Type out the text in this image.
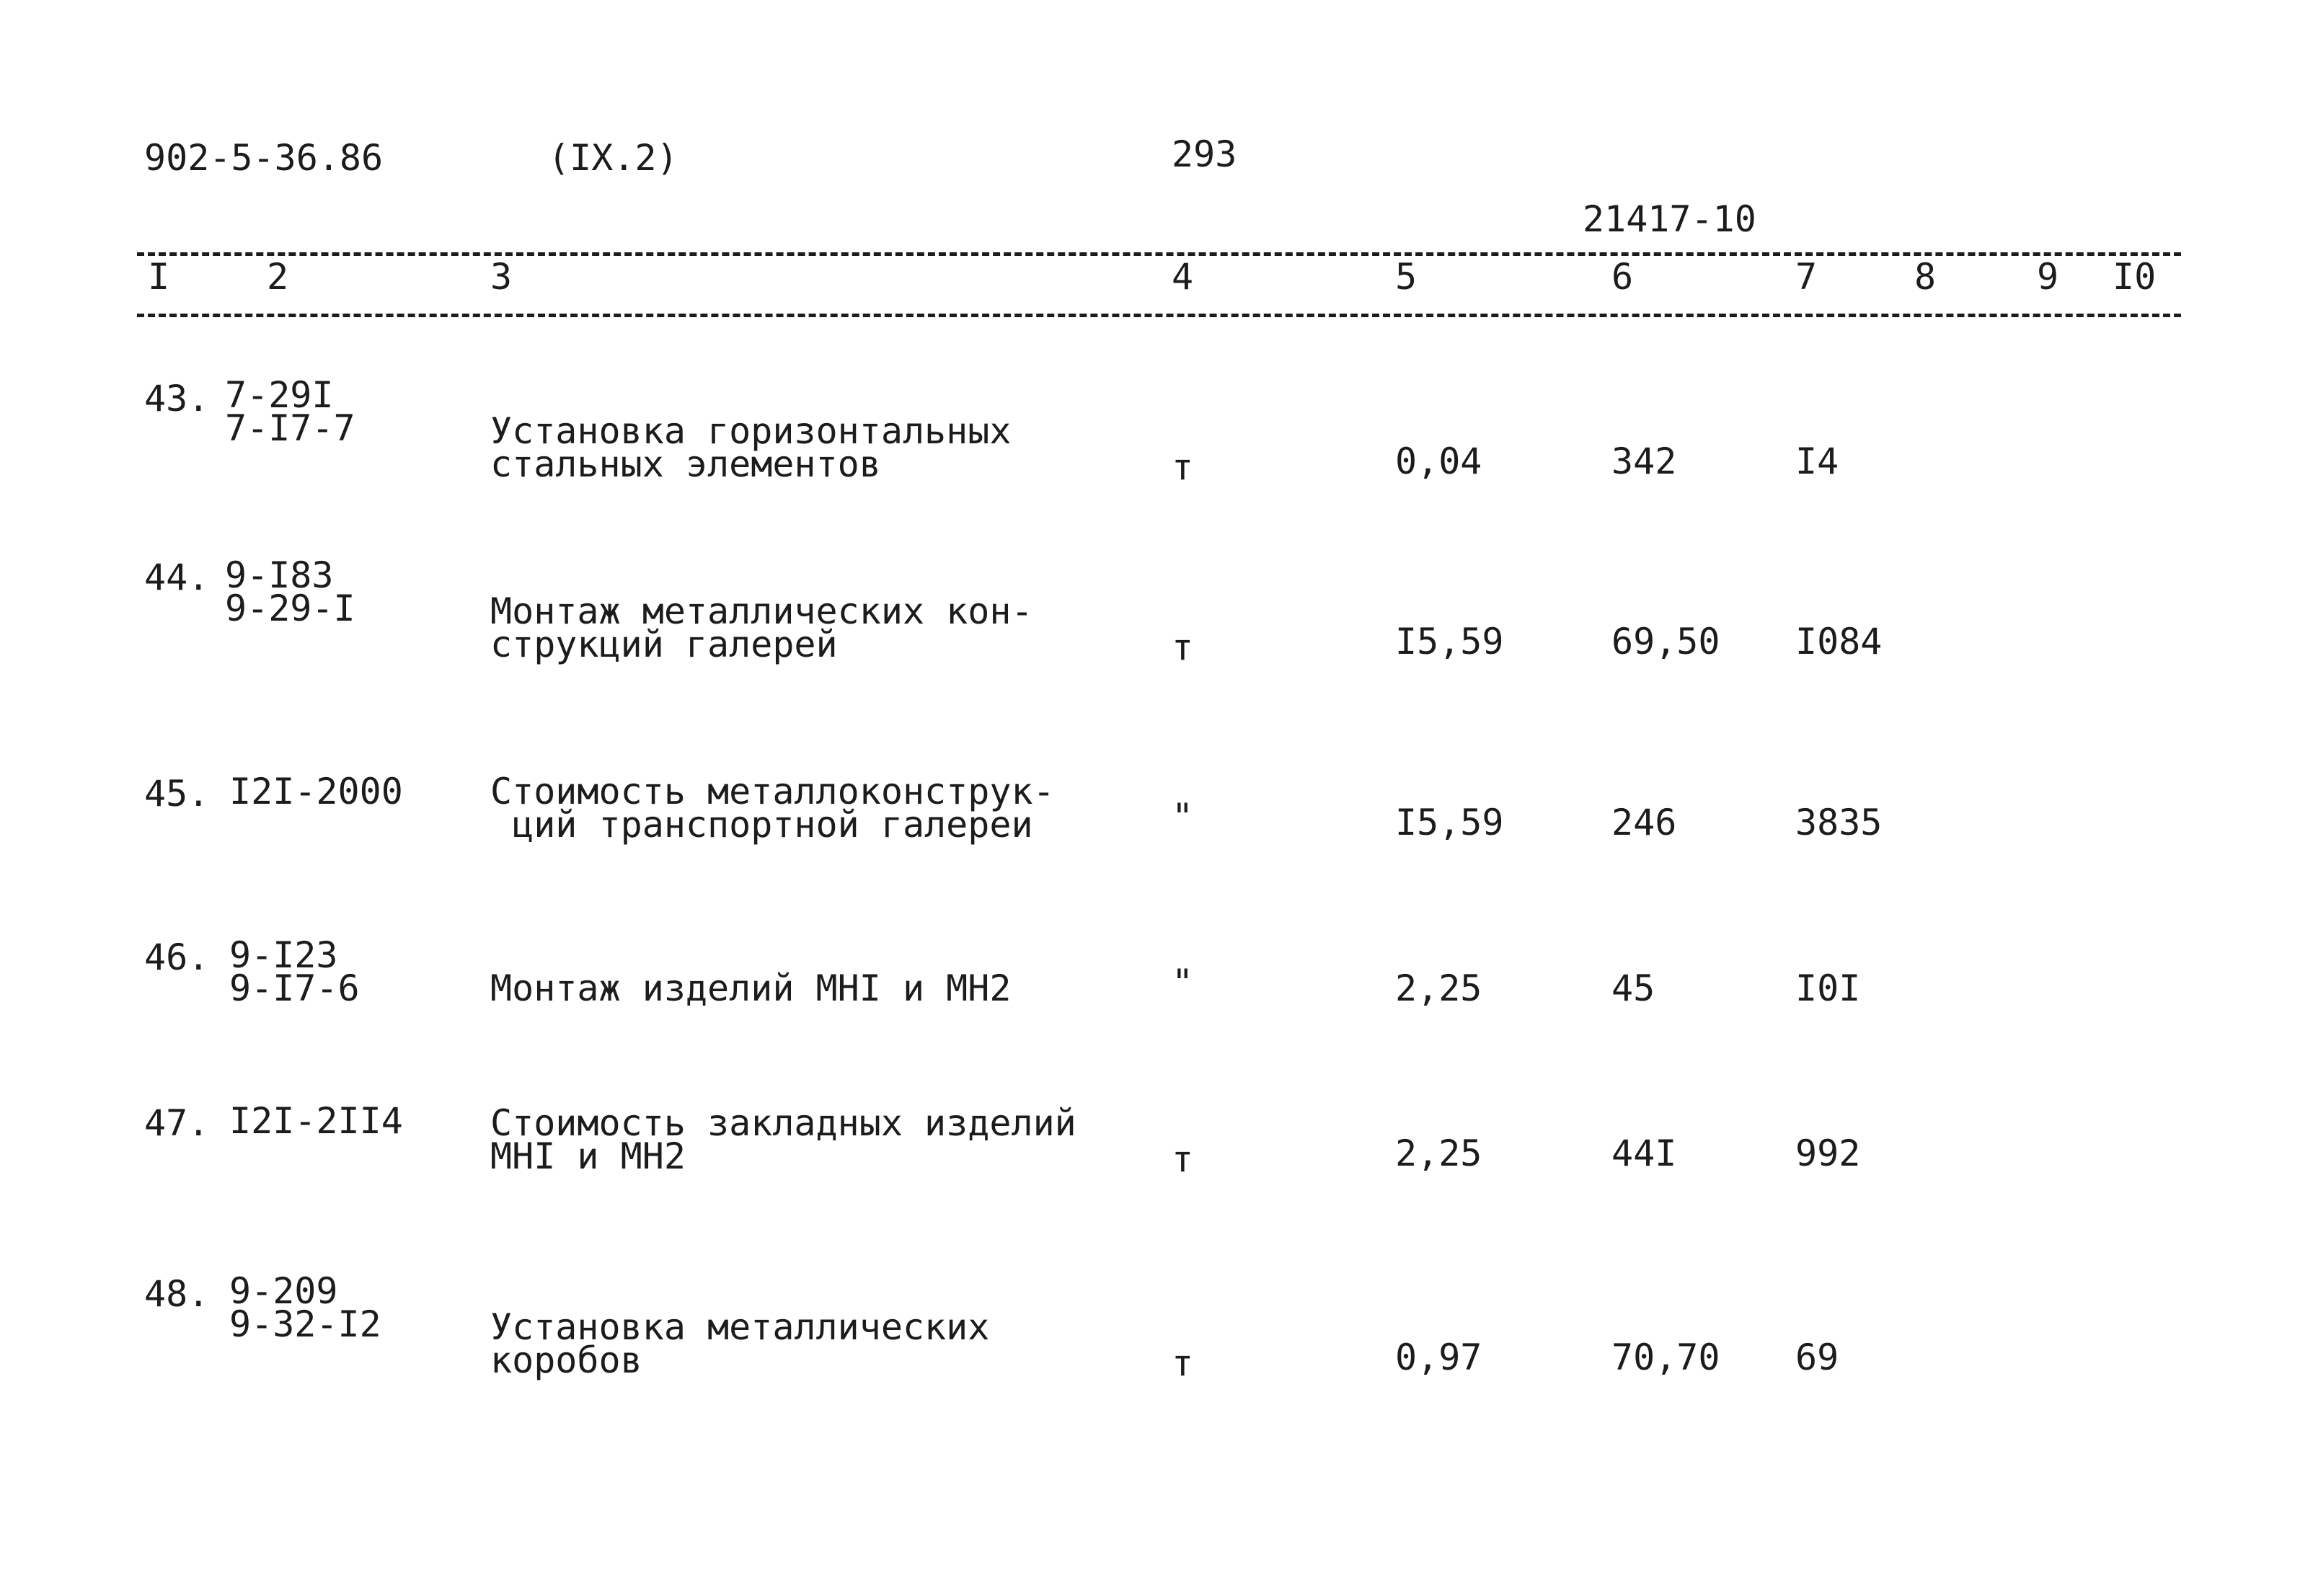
902-5-36.86	(IX.2)	293
21417-10
I	2	3	4	5	6	7	8	9 I0
43. 7-29I
7-I7-7	Установка горизонтальных
стальных элементов	т	0,04	342	I4
44. 9-I83
9-29-I	Монтаж металлических кон-
струкций галерей	т	I5,59	69,50 I084
45. I2I-2000 Стоимость металлоконструк-
ций транспортной галереи	"	I5,59	246	3835
46. 9-I23
9-I7-6	Монтаж изделий МНI и МН2	"	2,25	45	I0I
47. I2I-2II4 Стоимость закладных изделий
МНI и МН2	т	2,25	44I	992
48. 9-209
9-32-I2	Установка металлических
коробов	т	0,97	70,70 69
